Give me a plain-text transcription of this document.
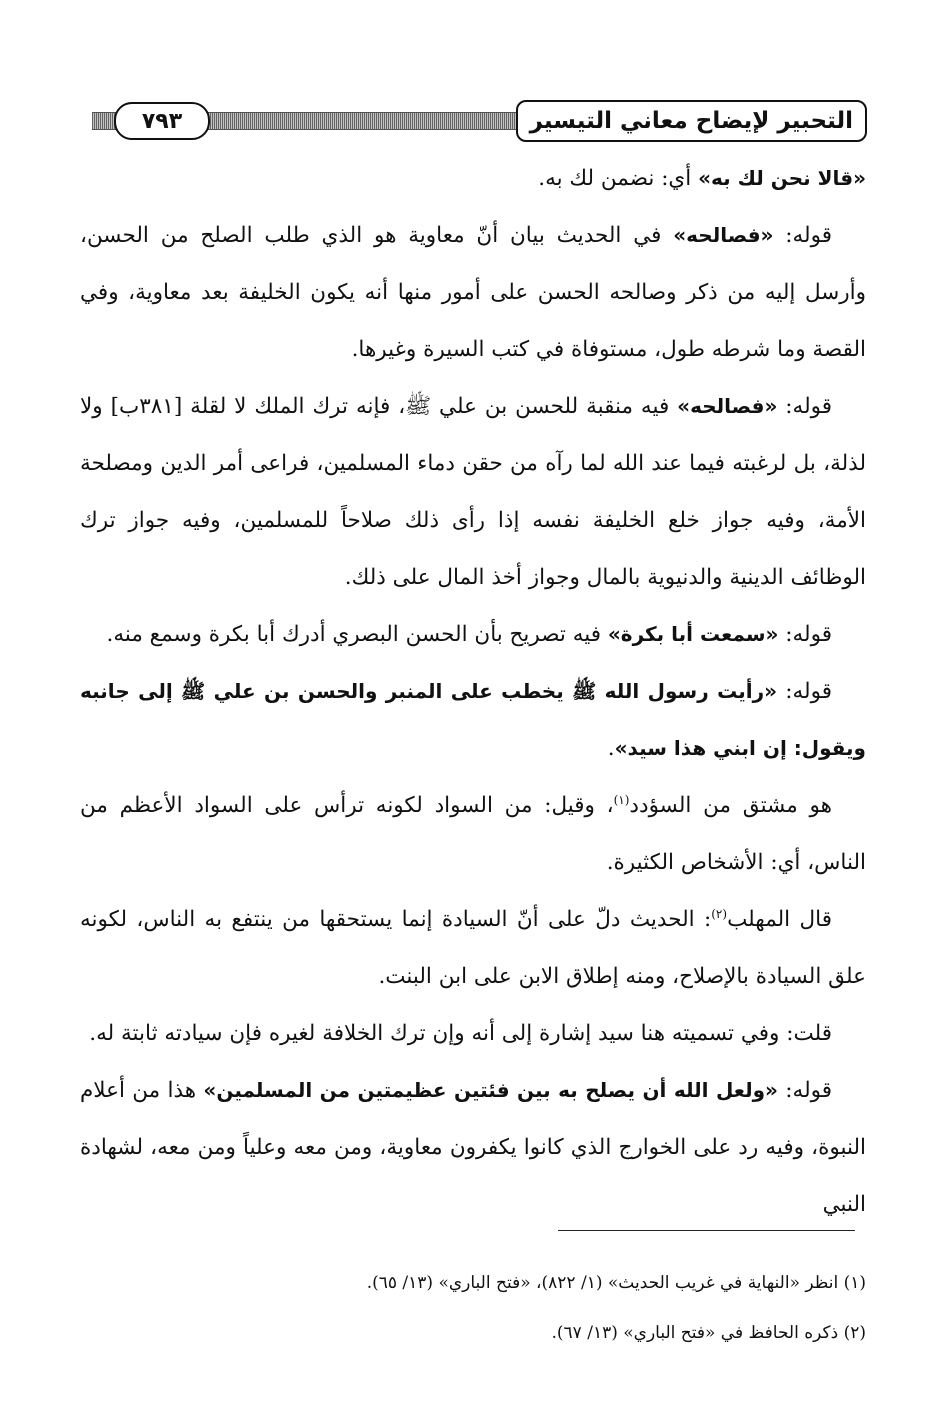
٧٩٣	التحبير لإيضاح معاني التيسير

«قالا نحن لك به» أي: نضمن لك به.

قوله: «فصالحه» في الحديث بيان أنّ معاوية هو الذي طلب الصلح من الحسن، وأرسل إليه من ذكر وصالحه الحسن على أمور منها أنه يكون الخليفة بعد معاوية، وفي القصة وما شرطه طول، مستوفاة في كتب السيرة وغيرها.

قوله: «فصالحه» فيه منقبة للحسن بن علي ﷺ، فإنه ترك الملك لا لقلة [٣٨١ب] ولا لذلة، بل لرغبته فيما عند الله لما رآه من حقن دماء المسلمين، فراعى أمر الدين ومصلحة الأمة، وفيه جواز خلع الخليفة نفسه إذا رأى ذلك صلاحاً للمسلمين، وفيه جواز ترك الوظائف الدينية والدنيوية بالمال وجواز أخذ المال على ذلك.

قوله: «سمعت أبا بكرة» فيه تصريح بأن الحسن البصري أدرك أبا بكرة وسمع منه.

قوله: «رأيت رسول الله ﷺ يخطب على المنبر والحسن بن علي ﷺ إلى جانبه ويقول: إن ابني هذا سيد».

هو مشتق من السؤدد$^{(١)}$، وقيل: من السواد لكونه ترأس على السواد الأعظم من الناس، أي: الأشخاص الكثيرة.

قال المهلب$^{(٢)}$: الحديث دلّ على أنّ السيادة إنما يستحقها من ينتفع به الناس، لكونه علق السيادة بالإصلاح، ومنه إطلاق الابن على ابن البنت.

قلت: وفي تسميته هنا سيد إشارة إلى أنه وإن ترك الخلافة لغيره فإن سيادته ثابتة له.

قوله: «ولعل الله أن يصلح به بين فئتين عظيمتين من المسلمين» هذا من أعلام النبوة، وفيه رد على الخوارج الذي كانوا يكفرون معاوية، ومن معه وعلياً ومن معه، لشهادة النبي

(١) انظر «النهاية في غريب الحديث» (١/ ٨٢٢)، «فتح الباري» (١٣/ ٦٥).

(٢) ذكره الحافظ في «فتح الباري» (١٣/ ٦٧).
